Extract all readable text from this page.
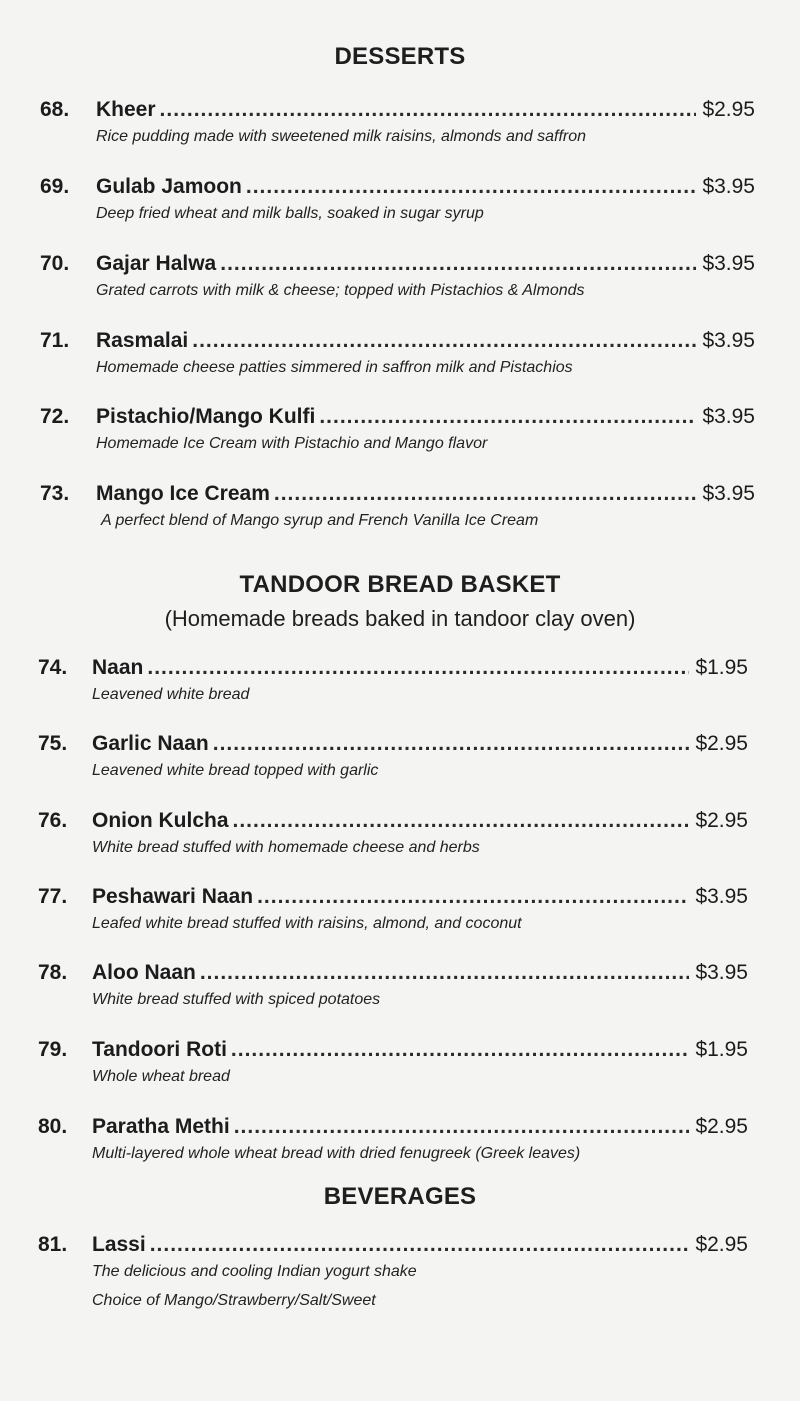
DESSERTS
68.	Kheer .....	$2.95
Rice pudding made with sweetened milk raisins, almonds and saffron
69.	Gulab Jamoon .....	$3.95
Deep fried wheat and milk balls, soaked in sugar syrup
70.	Gajar Halwa .....	$3.95
Grated carrots with milk & cheese; topped with Pistachios & Almonds
71.	Rasmalai .....	$3.95
Homemade cheese patties simmered in saffron milk and Pistachios
72.	Pistachio/Mango Kulfi .....	$3.95
Homemade Ice Cream with Pistachio and Mango flavor
73.	Mango Ice Cream .....	$3.95
A perfect blend of Mango syrup and French Vanilla Ice Cream
TANDOOR BREAD BASKET
(Homemade breads baked in tandoor clay oven)
74.	Naan .....	$1.95
Leavened white bread
75.	Garlic Naan .....	$2.95
Leavened white bread topped with garlic
76.	Onion Kulcha .....	$2.95
White bread stuffed with homemade cheese and herbs
77.	Peshawari Naan .....	$3.95
Leafed white bread stuffed with raisins, almond, and coconut
78.	Aloo Naan .....	$3.95
White bread stuffed with spiced potatoes
79.	Tandoori Roti .....	$1.95
Whole wheat bread
80.	Paratha Methi .....	$2.95
Multi-layered whole wheat bread with dried fenugreek (Greek leaves)
BEVERAGES
81.	Lassi .....	$2.95
The delicious and cooling Indian yogurt shake
Choice of Mango/Strawberry/Salt/Sweet
